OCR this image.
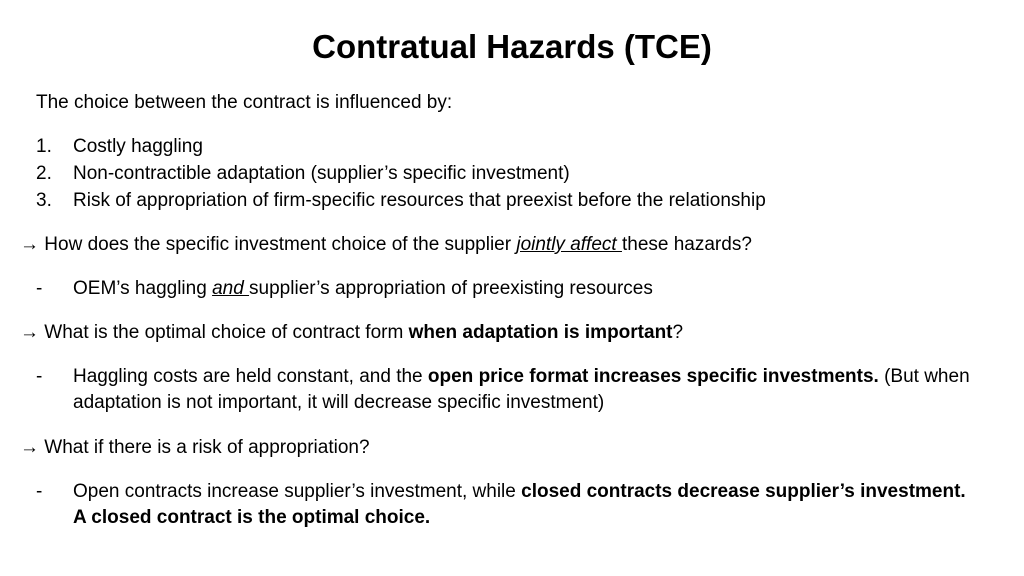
Contratual Hazards (TCE)
The choice between the contract is influenced by:
1. Costly haggling
2. Non-contractible adaptation (supplier’s specific investment)
3. Risk of appropriation of firm-specific resources that preexist before the relationship
→ How does the specific investment choice of the supplier jointly affect these hazards?
- OEM’s haggling and supplier’s appropriation of preexisting resources
→ What is the optimal choice of contract form when adaptation is important?
- Haggling costs are held constant, and the open price format increases specific investments. (But when adaptation is not important, it will decrease specific investment)
→ What if there is a risk of appropriation?
- Open contracts increase supplier’s investment, while closed contracts decrease supplier’s investment. A closed contract is the optimal choice.
